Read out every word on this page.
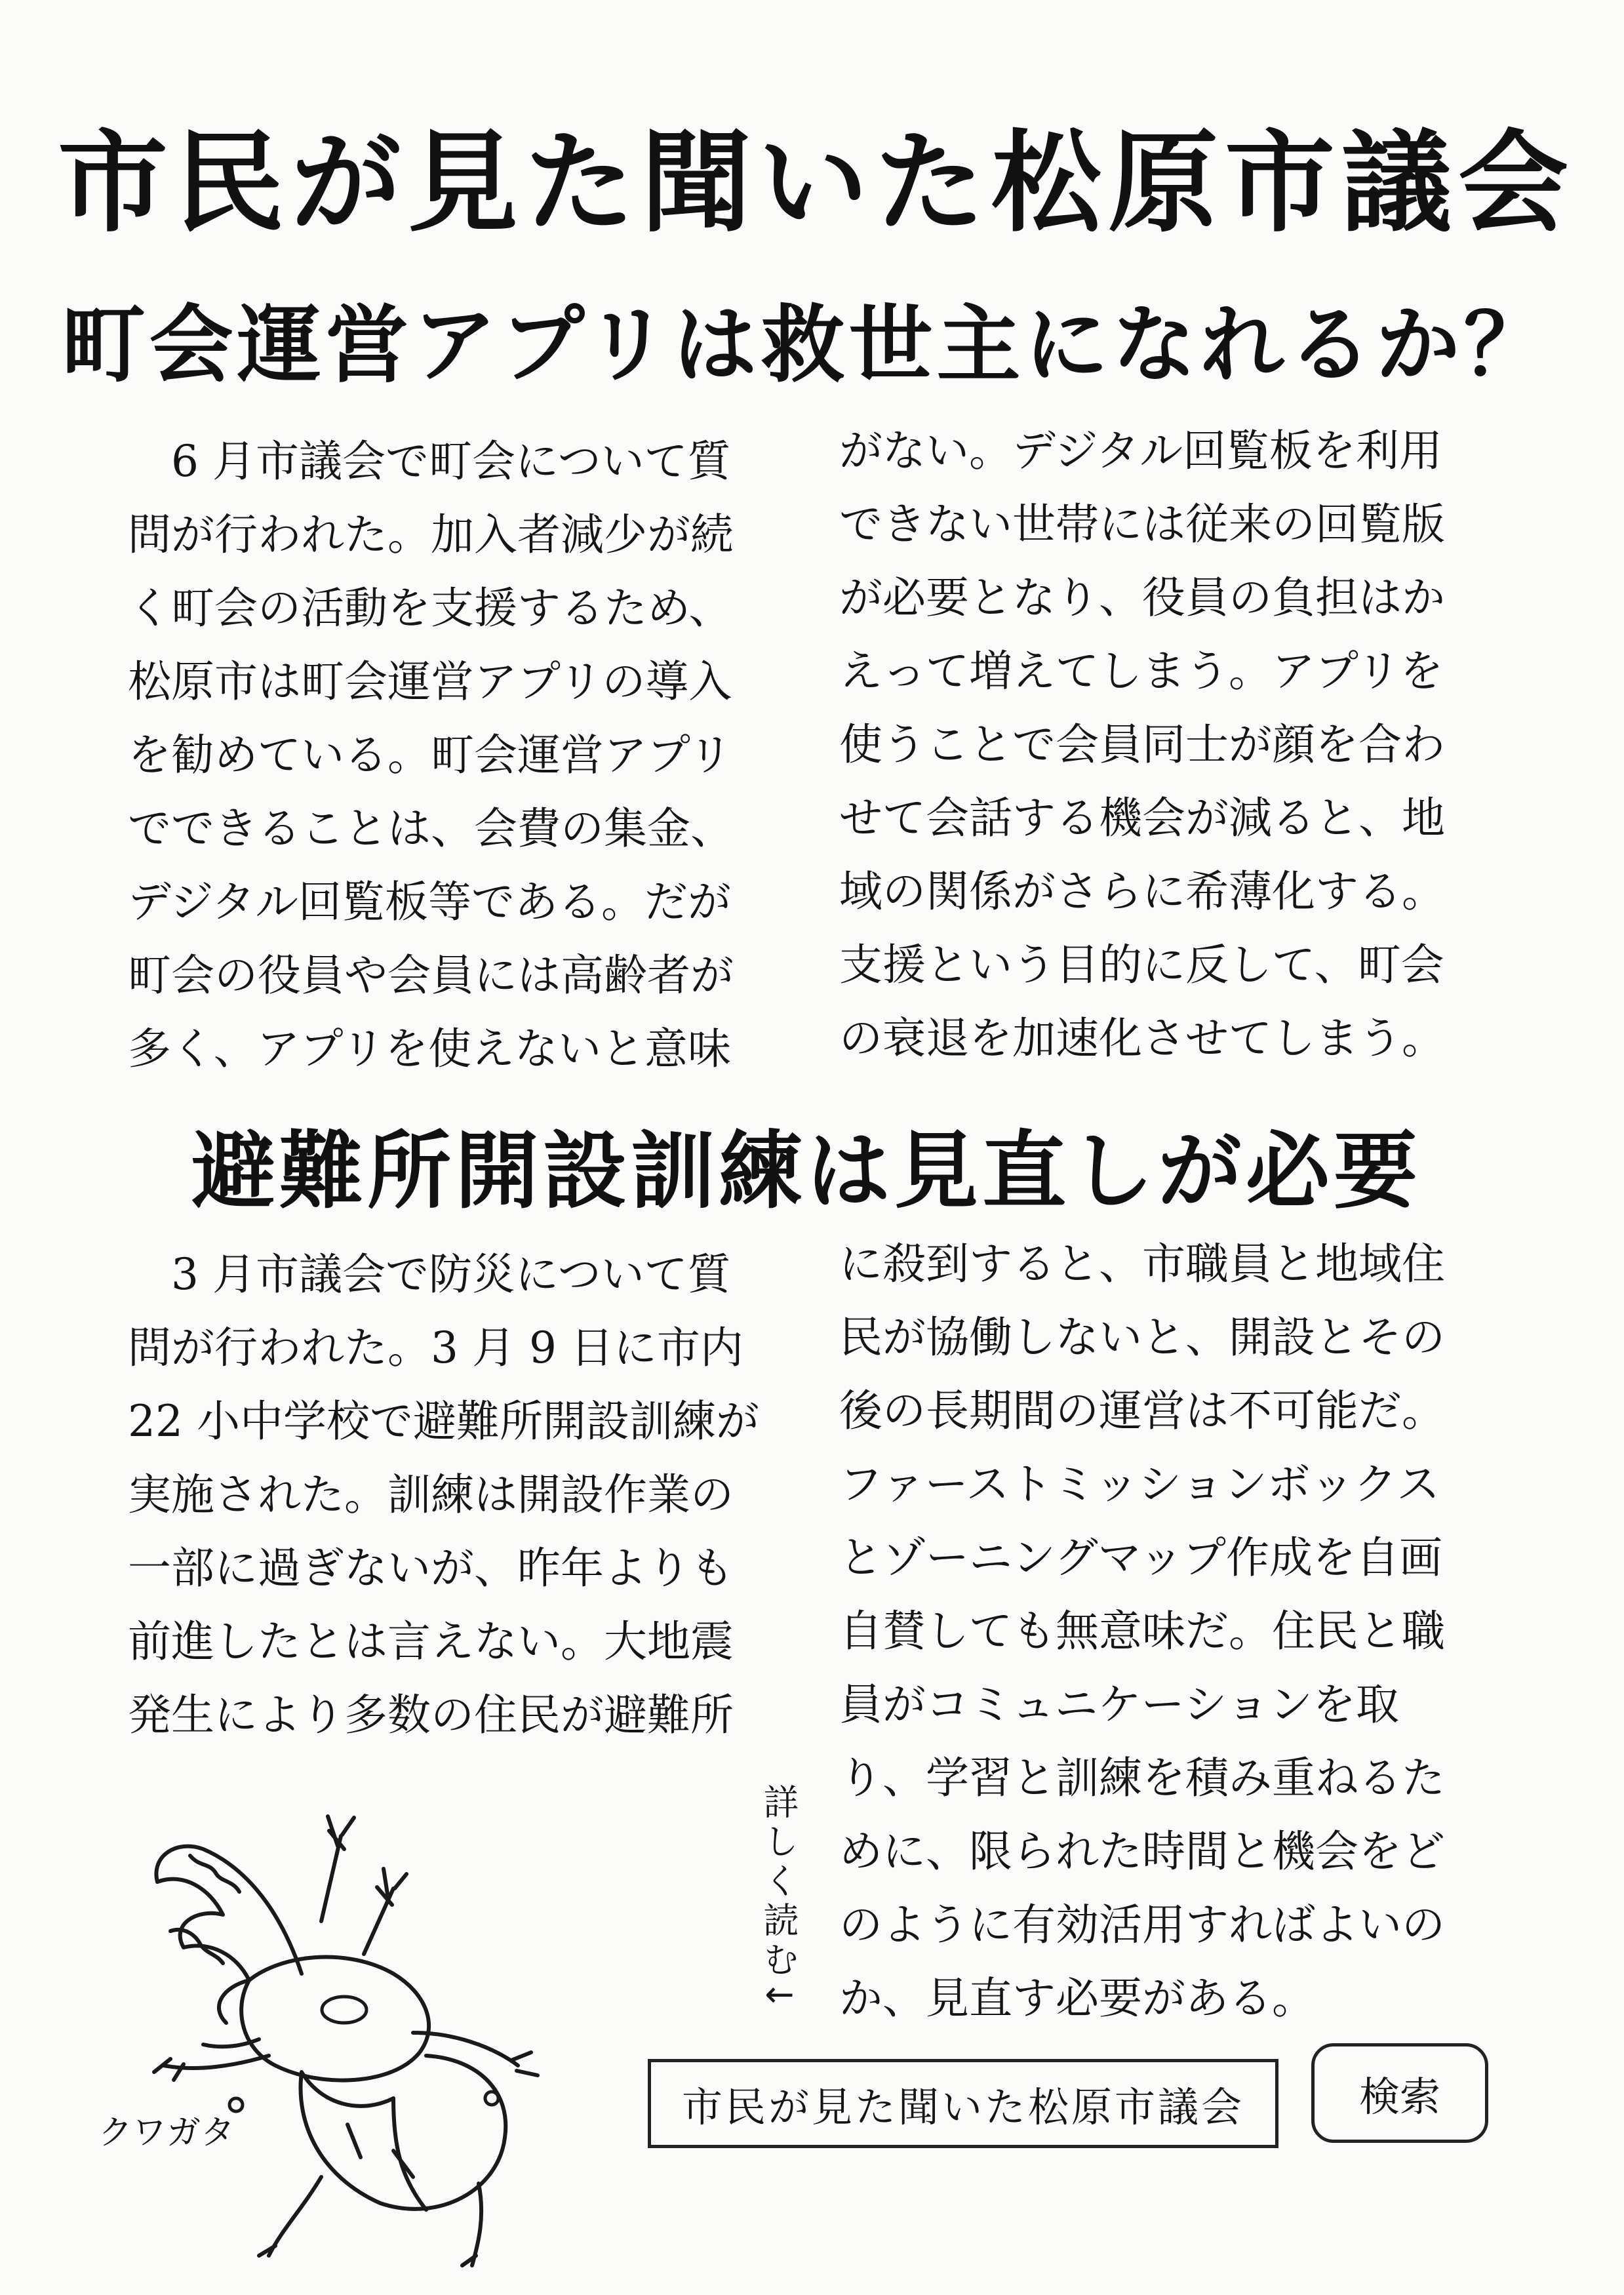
市民が見た聞いた松原市議会
町会運営アプリは救世主になれるか？
　6 月市議会で町会について質
問が行われた。加入者減少が続
く町会の活動を支援するため、
松原市は町会運営アプリの導入
を勧めている。町会運営アプリ
でできることは、会費の集金、
デジタル回覧板等である。だが
町会の役員や会員には高齢者が
多く、アプリを使えないと意味
がない。デジタル回覧板を利用
できない世帯には従来の回覧版
が必要となり、役員の負担はか
えって増えてしまう。アプリを
使うことで会員同士が顔を合わ
せて会話する機会が減ると、地
域の関係がさらに希薄化する。
支援という目的に反して、町会
の衰退を加速化させてしまう。
避難所開設訓練は見直しが必要
　3 月市議会で防災について質
問が行われた。3 月 9 日に市内
22 小中学校で避難所開設訓練が
実施された。訓練は開設作業の
一部に過ぎないが、昨年よりも
前進したとは言えない。大地震
発生により多数の住民が避難所
に殺到すると、市職員と地域住
民が協働しないと、開設とその
後の長期間の運営は不可能だ。
ファーストミッションボックス
とゾーニングマップ作成を自画
自賛しても無意味だ。住民と職
員がコミュニケーションを取
り、学習と訓練を積み重ねるた
めに、限られた時間と機会をど
のように有効活用すればよいの
か、見直す必要がある。
クワガタ
詳しく読む↓
市民が見た聞いた松原市議会	検索
